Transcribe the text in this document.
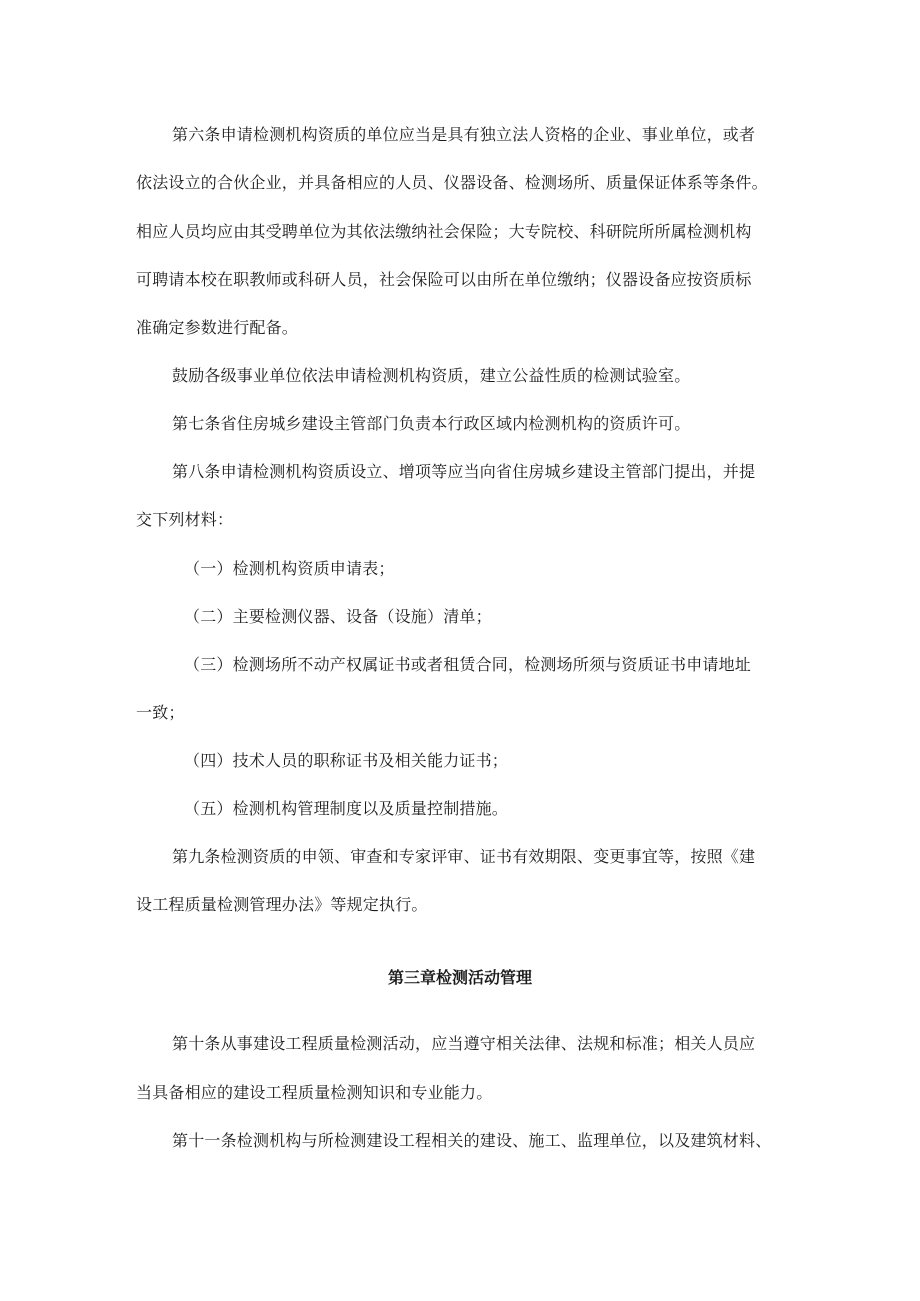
第六条申请检测机构资质的单位应当是具有独立法人资格的企业、事业单位，或者
依法设立的合伙企业，并具备相应的人员、仪器设备、检测场所、质量保证体系等条件。
相应人员均应由其受聘单位为其依法缴纳社会保险；大专院校、科研院所所属检测机构
可聘请本校在职教师或科研人员，社会保险可以由所在单位缴纳；仪器设备应按资质标
准确定参数进行配备。
鼓励各级事业单位依法申请检测机构资质，建立公益性质的检测试验室。
第七条省住房城乡建设主管部门负责本行政区域内检测机构的资质许可。
第八条申请检测机构资质设立、增项等应当向省住房城乡建设主管部门提出，并提
交下列材料：
（一）检测机构资质申请表；
（二）主要检测仪器、设备（设施）清单；
（三）检测场所不动产权属证书或者租赁合同，检测场所须与资质证书申请地址
一致；
（四）技术人员的职称证书及相关能力证书；
（五）检测机构管理制度以及质量控制措施。
第九条检测资质的申领、审查和专家评审、证书有效期限、变更事宜等，按照《建
设工程质量检测管理办法》等规定执行。
第三章检测活动管理
第十条从事建设工程质量检测活动，应当遵守相关法律、法规和标准；相关人员应
当具备相应的建设工程质量检测知识和专业能力。
第十一条检测机构与所检测建设工程相关的建设、施工、监理单位，以及建筑材料、
